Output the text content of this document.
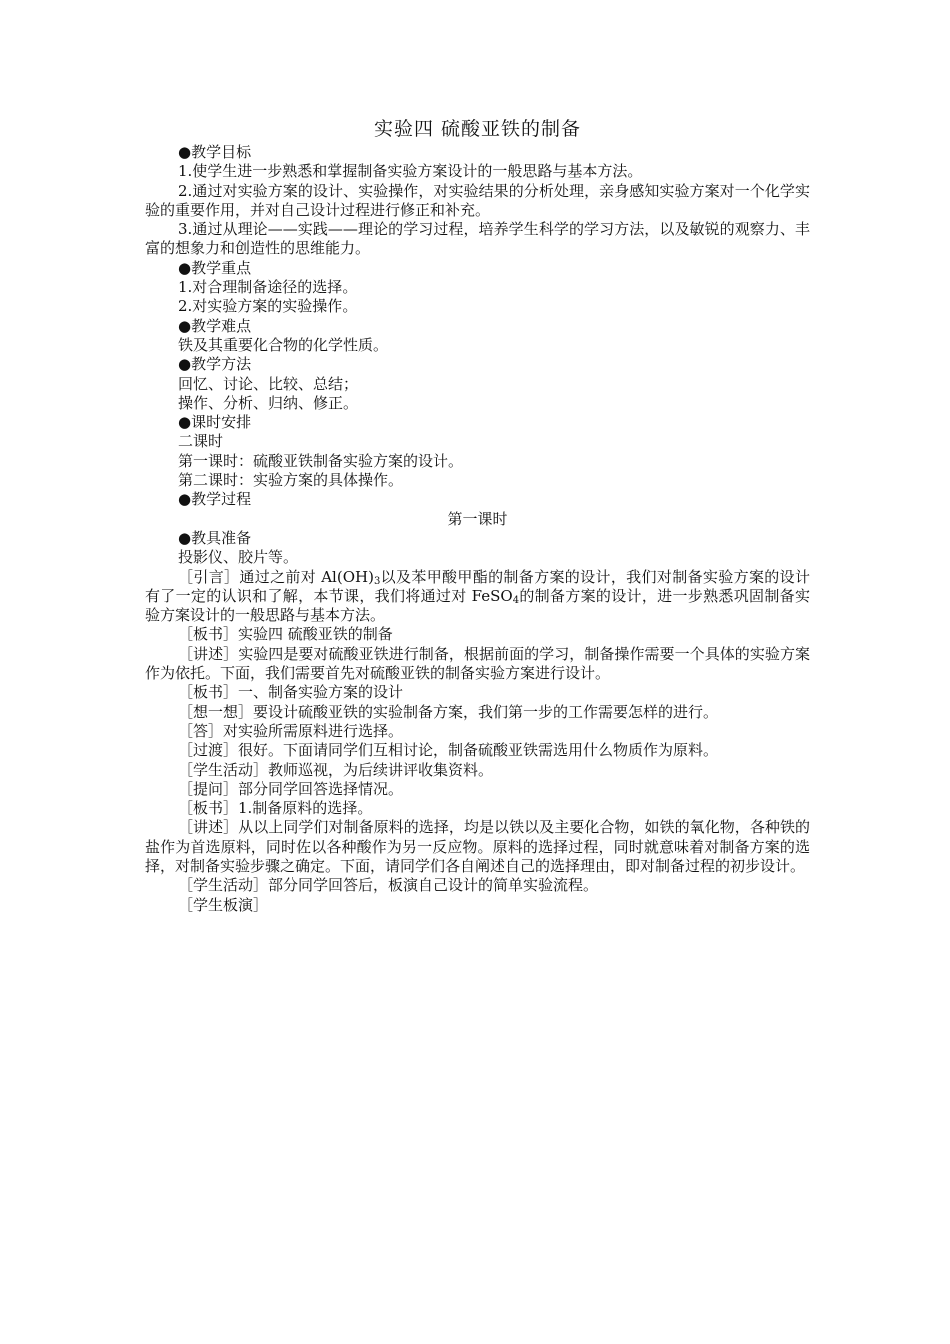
实验四 硫酸亚铁的制备

●教学目标

1.使学生进一步熟悉和掌握制备实验方案设计的一般思路与基本方法。

2.通过对实验方案的设计、实验操作，对实验结果的分析处理，亲身感知实验方案对一个化学实验的重要作用，并对自己设计过程进行修正和补充。

3.通过从理论——实践——理论的学习过程，培养学生科学的学习方法，以及敏锐的观察力、丰富的想象力和创造性的思维能力。

●教学重点

1.对合理制备途径的选择。

2.对实验方案的实验操作。

●教学难点

铁及其重要化合物的化学性质。

●教学方法

回忆、讨论、比较、总结；

操作、分析、归纳、修正。

●课时安排

二课时

第一课时：硫酸亚铁制备实验方案的设计。

第二课时：实验方案的具体操作。

●教学过程

第一课时

●教具准备

投影仪、胶片等。

［引言］通过之前对 $Al(OH)_3$以及苯甲酸甲酯的制备方案的设计，我们对制备实验方案的设计有了一定的认识和了解，本节课，我们将通过对 FeSO$_4$的制备方案的设计，进一步熟悉巩固制备实验方案设计的一般思路与基本方法。

［板书］实验四 硫酸亚铁的制备

［讲述］实验四是要对硫酸亚铁进行制备，根据前面的学习，制备操作需要一个具体的实验方案作为依托。下面，我们需要首先对硫酸亚铁的制备实验方案进行设计。

［板书］一、制备实验方案的设计

［想一想］要设计硫酸亚铁的实验制备方案，我们第一步的工作需要怎样的进行。

［答］对实验所需原料进行选择。

［过渡］很好。下面请同学们互相讨论，制备硫酸亚铁需选用什么物质作为原料。

［学生活动］教师巡视，为后续讲评收集资料。

［提问］部分同学回答选择情况。

［板书］1.制备原料的选择。

［讲述］从以上同学们对制备原料的选择，均是以铁以及主要化合物，如铁的氧化物，各种铁的盐作为首选原料，同时佐以各种酸作为另一反应物。原料的选择过程，同时就意味着对制备方案的选择，对制备实验步骤之确定。下面，请同学们各自阐述自己的选择理由，即对制备过程的初步设计。

［学生活动］部分同学回答后，板演自己设计的简单实验流程。

［学生板演］
